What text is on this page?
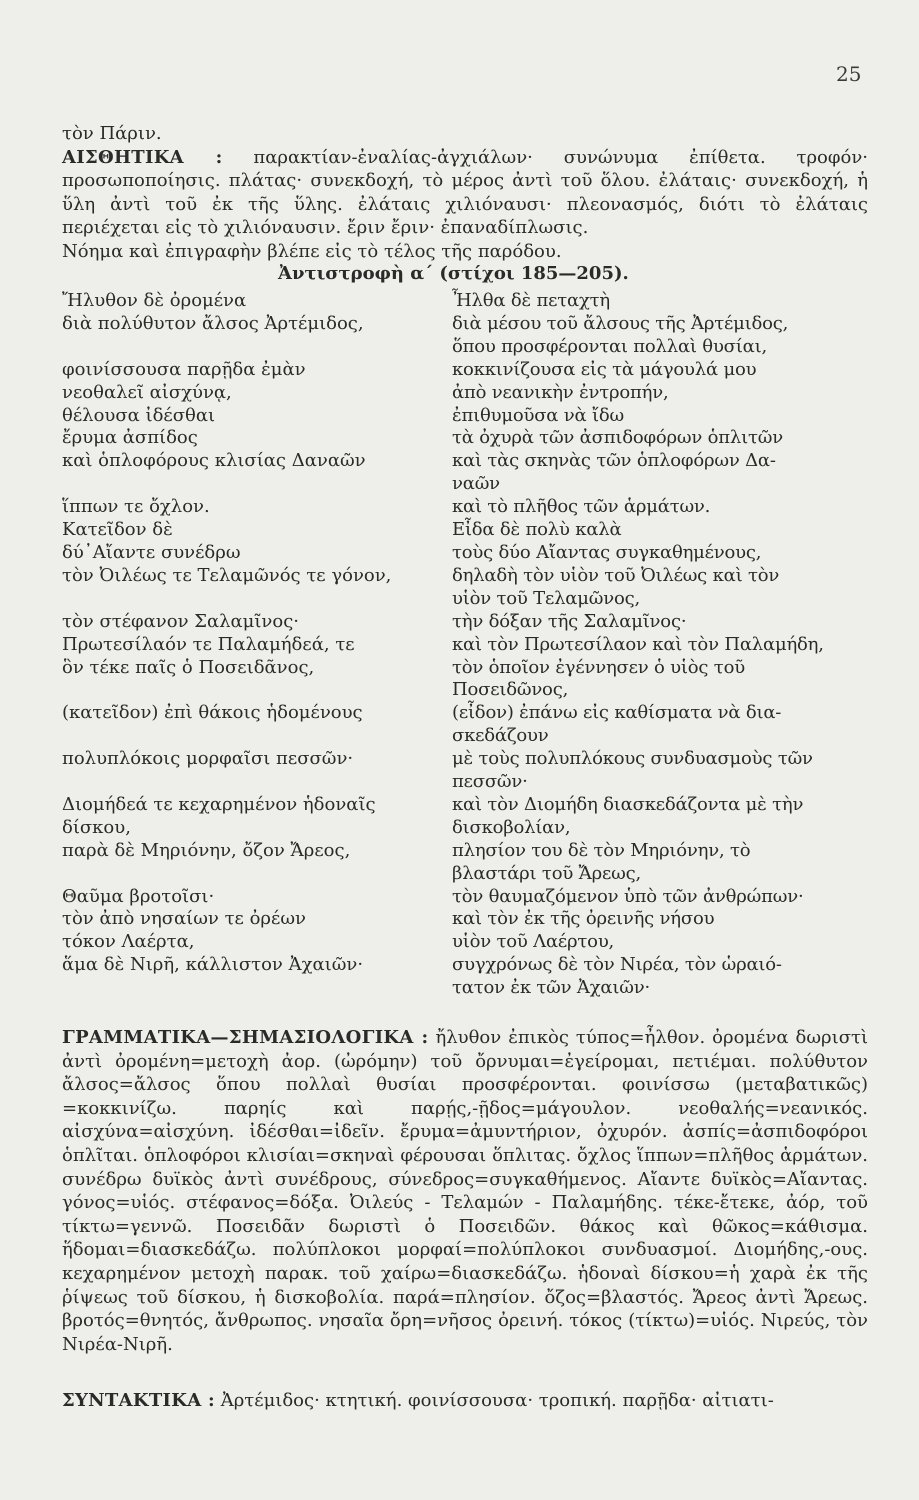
25

τὸν Πάριν.

ΑΙΣΘΗΤΙΚΑ : παρακτίαν-ἐναλίας-ἀγχιάλων· συνώνυμα ἐπίθετα. τροφόν· προσωποποίησις. πλάτας· συνεκδοχή, τὸ μέρος ἀντὶ τοῦ ὅλου. ἐλάταις· συνεκδοχή, ἡ ὕλη ἀντὶ τοῦ ἐκ τῆς ὕλης. ἐλάταις χιλιόναυσι· πλεονασμός, διότι τὸ ἐλάταις περιέχεται εἰς τὸ χιλιόναυσιν. ἔριν ἔριν· ἐπαναδίπλωσις.

Νόημα καὶ ἐπιγραφὴν βλέπε εἰς τὸ τέλος τῆς παρόδου.

Ἀντιστροφὴ α´ (στίχοι 185—205).
Ἤλυθον δὲ ὀρομένα	Ἦλθα δὲ πεταχτὴ
διὰ πολύθυτον ἄλσος Ἀρτέμιδος,	διὰ μέσου τοῦ ἄλσους τῆς Ἀρτέμιδος,
ὅπου προσφέρονται πολλαὶ θυσίαι,
φοινίσσουσα παρῇδα ἐμὰν	κοκκινίζουσα εἰς τὰ μάγουλά μου
νεοθαλεῖ αἰσχύνᾳ,	ἀπὸ νεανικὴν ἐντροπήν,
θέλουσα ἰδέσθαι	ἐπιθυμοῦσα νὰ ἴδω
ἔρυμα ἀσπίδος	τὰ ὀχυρὰ τῶν ἀσπιδοφόρων ὁπλιτῶν
καὶ ὁπλοφόρους κλισίας Δαναῶν	καὶ τὰς σκηνὰς τῶν ὁπλοφόρων Δα-
ναῶν
ἵππων τε ὄχλον.	καὶ τὸ πλῆθος τῶν ἁρμάτων.
Κατεῖδον δὲ	Εἶδα δὲ πολὺ καλὰ
δύ᾽Αἴαντε συνέδρω	τοὺς δύο Αἴαντας συγκαθημένους,
τὸν Ὀιλέως τε Τελαμῶνός τε γόνον,	δηλαδὴ τὸν υἱὸν τοῦ Ὀιλέως καὶ τὸν
υἱὸν τοῦ Τελαμῶνος,
τὸν στέφανον Σαλαμῖνος·	τὴν δόξαν τῆς Σαλαμῖνος·
Πρωτεσίλαόν τε Παλαμήδεά, τε	καὶ τὸν Πρωτεσίλαον καὶ τὸν Παλαμήδη,
ὃν τέκε παῖς ὁ Ποσειδᾶνος,	τὸν ὁποῖον ἐγέννησεν ὁ υἱὸς τοῦ
Ποσειδῶνος,
(κατεῖδον) ἐπὶ θάκοις ἡδομένους	(εἶδον) ἐπάνω εἰς καθίσματα νὰ δια-
σκεδάζουν
πολυπλόκοις μορφαῖσι πεσσῶν·	μὲ τοὺς πολυπλόκους συνδυασμοὺς τῶν
πεσσῶν·
Διομήδεά τε κεχαρημένον ἡδοναῖς	καὶ τὸν Διομήδη διασκεδάζοντα μὲ τὴν
δίσκου,	δισκοβολίαν,
παρὰ δὲ Μηριόνην, ὄζον Ἄρεος,	πλησίον του δὲ τὸν Μηριόνην, τὸ
βλαστάρι τοῦ Ἄρεως,
Θαῦμα βροτοῖσι·	τὸν θαυμαζόμενον ὑπὸ τῶν ἀνθρώπων·
τὸν ἀπὸ νησαίων τε ὀρέων	καὶ τὸν ἐκ τῆς ὀρεινῆς νήσου
τόκον Λαέρτα,	υἱὸν τοῦ Λαέρτου,
ἅμα δὲ Νιρῆ, κάλλιστον Ἀχαιῶν·	συγχρόνως δὲ τὸν Νιρέα, τὸν ὡραιό-
τατον ἐκ τῶν Ἀχαιῶν·

ΓΡΑΜΜΑΤΙΚΑ—ΣΗΜΑΣΙΟΛΟΓΙΚΑ : ἤλυθον ἐπικὸς τύπος=ἦλθον. ὀρομένα δωριστὶ ἀντὶ ὀρομένη=μετοχὴ ἀορ. (ὠρόμην) τοῦ ὄρνυμαι=ἐγείρομαι, πετιέμαι. πολύθυτον ἄλσος=ἄλσος ὅπου πολλαὶ θυσίαι προσφέρονται. φοινίσσω (μεταβατικῶς) =κοκκινίζω. παρηίς καὶ παρῄς,-ῇδος=μάγουλον. νεοθαλής=νεανικός. αἰσχύνα=αἰσχύνη. ἰδέσθαι=ἰδεῖν. ἔρυμα=ἀμυντήριον, ὀχυρόν. ἀσπίς=ἀσπιδοφόροι ὁπλῖται. ὁπλοφόροι κλισίαι=σκηναὶ φέρουσαι ὅπλιτας. ὄχλος ἵππων=πλῆθος ἁρμάτων. συνέδρω δυϊκὸς ἀντὶ συνέδρους, σύνεδρος=συγκαθήμενος. Αἴαντε δυϊκὸς=Αἴαντας. γόνος=υἱός. στέφανος=δόξα. Ὀιλεύς - Τελαμών - Παλαμήδης. τέκε-ἔτεκε, ἀόρ, τοῦ τίκτω=γεννῶ. Ποσειδᾶν δωριστὶ ὁ Ποσειδῶν. θάκος καὶ θῶκος=κάθισμα. ἥδομαι=διασκεδάζω. πολύπλοκοι μορφαί=πολύπλοκοι συνδυασμοί. Διομήδης,-ους. κεχαρημένον μετοχὴ παρακ. τοῦ χαίρω=διασκεδάζω. ἡδοναὶ δίσκου=ἡ χαρὰ ἐκ τῆς ῥίψεως τοῦ δίσκου, ἡ δισκοβολία. παρά=πλησίον. ὄζος=βλαστός. Ἄρεος ἀντὶ Ἄρεως. βροτός=θνητός, ἄνθρωπος. νησαῖα ὄρη=νῆσος ὀρεινή. τόκος (τίκτω)=υἱός. Νιρεύς, τὸν Νιρέα-Νιρῆ.

ΣΥΝΤΑΚΤΙΚΑ : Ἀρτέμιδος· κτητική. φοινίσσουσα· τροπική. παρῇδα· αἰτιατι-
